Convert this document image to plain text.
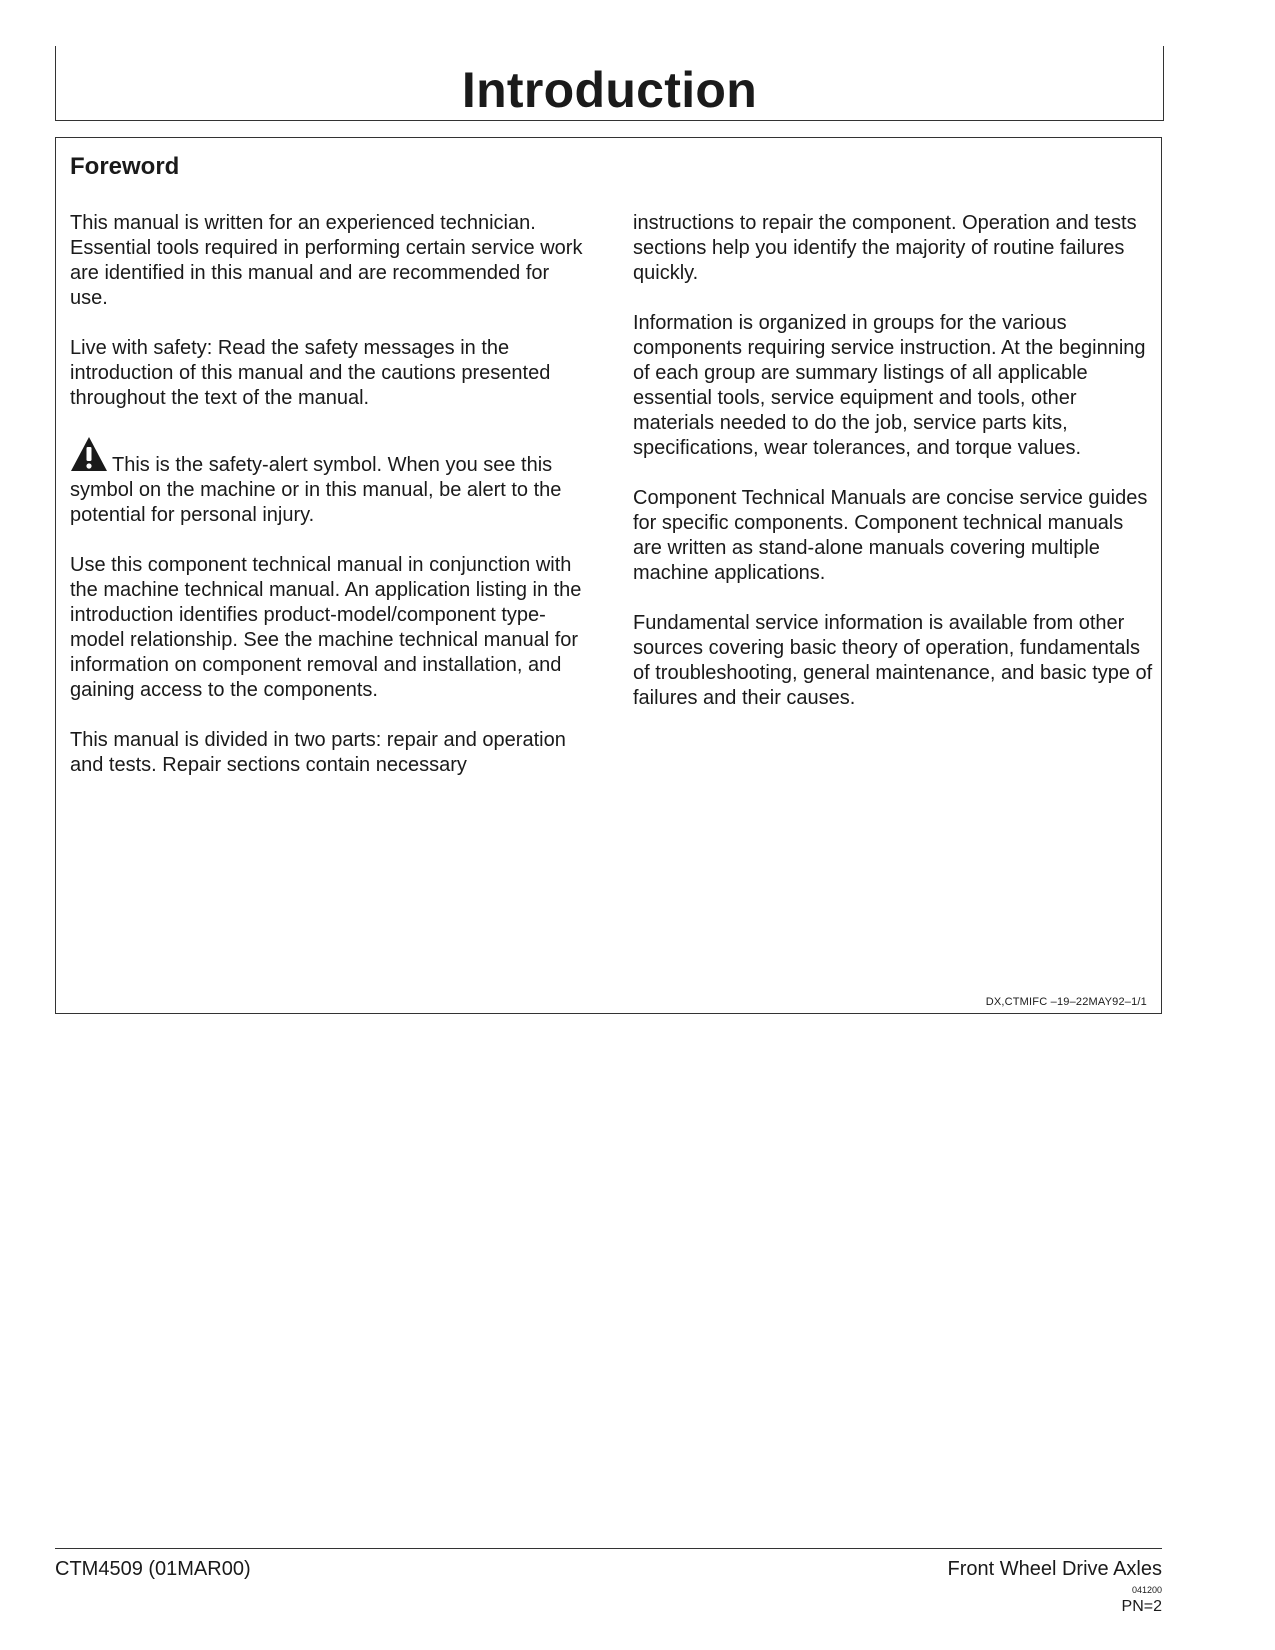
Introduction
Foreword

This manual is written for an experienced technician. Essential tools required in performing certain service work are identified in this manual and are recommended for use.

Live with safety: Read the safety messages in the introduction of this manual and the cautions presented throughout the text of the manual.

This is the safety-alert symbol. When you see this symbol on the machine or in this manual, be alert to the potential for personal injury.

Use this component technical manual in conjunction with the machine technical manual. An application listing in the introduction identifies product-model/component type-model relationship. See the machine technical manual for information on component removal and installation, and gaining access to the components.

This manual is divided in two parts: repair and operation and tests. Repair sections contain necessary

instructions to repair the component. Operation and tests sections help you identify the majority of routine failures quickly.

Information is organized in groups for the various components requiring service instruction. At the beginning of each group are summary listings of all applicable essential tools, service equipment and tools, other materials needed to do the job, service parts kits, specifications, wear tolerances, and torque values.

Component Technical Manuals are concise service guides for specific components. Component technical manuals are written as stand-alone manuals covering multiple machine applications.

Fundamental service information is available from other sources covering basic theory of operation, fundamentals of troubleshooting, general maintenance, and basic type of failures and their causes.

DX,CTMIFC –19–22MAY92–1/1
CTM4509 (01MAR00)	Front Wheel Drive Axles
041200
PN=2
